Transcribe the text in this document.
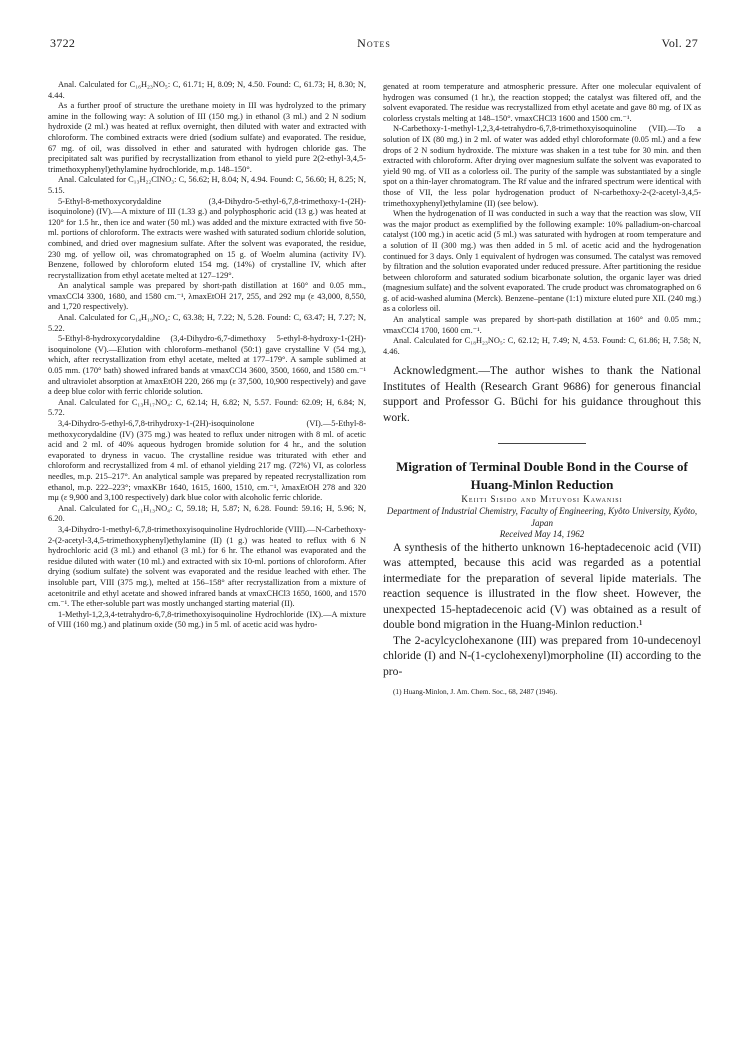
3722	Notes	Vol. 27

Anal. Calculated for C₁₆H₂₃NO₅: C, 61.71; H, 8.09; N, 4.50. Found: C, 61.73; H, 8.30; N, 4.44.

As a further proof of structure the urethane moiety in III was hydrolyzed to the primary amine in the following way: A solution of III (150 mg.) in ethanol (3 ml.) and 2 N sodium hydroxide (2 ml.) was heated at reflux overnight, then diluted with water and extracted with chloroform. The combined extracts were dried (sodium sulfate) and evaporated. The residue, 67 mg. of oil, was dissolved in ether and saturated with hydrogen chloride gas. The precipitated salt was purified by recrystallization from ethanol to yield pure 2(2-ethyl-3,4,5-trimethoxyphenyl)ethylamine hydrochloride, m.p. 148–150°.

Anal. Calculated for C₁₃H₂₂ClNO₃: C, 56.62; H, 8.04; N, 4.94. Found: C, 56.60; H, 8.25; N, 5.15.

5-Ethyl-8-methoxycorydaldine (3,4-Dihydro-5-ethyl-6,7,8-trimethoxy-1-(2H)-isoquinolone) (IV).—A mixture of III (1.33 g.) and polyphosphoric acid (13 g.) was heated at 120° for 1.5 hr., then ice and water (50 ml.) was added and the mixture extracted with five 50-ml. portions of chloroform. The extracts were washed with saturated sodium chloride solution, combined, and dried over magnesium sulfate. After the solvent was evaporated, the residue, 230 mg. of yellow oil, was chromatographed on 15 g. of Woelm alumina (activity IV). Benzene, followed by chloroform eluted 154 mg. (14%) of crystalline IV, which after recrystallization from ethyl acetate melted at 127–129°.

An analytical sample was prepared by short-path distillation at 160° and 0.05 mm., νmaxCCl4 3300, 1680, and 1580 cm.⁻¹, λmaxEtOH 217, 255, and 292 mμ (ε 43,000, 8,550, and 1,720 respectively).

Anal. Calculated for C₁₄H₁₉NO₄: C, 63.38; H, 7.22; N, 5.28. Found: C, 63.47; H, 7.27; N, 5.22.

5-Ethyl-8-hydroxycorydaldine (3,4-Dihydro-6,7-dimethoxy 5-ethyl-8-hydroxy-1-(2H)-isoquinolone (V).—Elution with chloroform–methanol (50:1) gave crystalline V (54 mg.), which, after recrystallization from ethyl acetate, melted at 177–179°. A sample sublimed at 0.05 mm. (170° bath) showed infrared bands at νmaxCCl4 3600, 3500, 1660, and 1580 cm.⁻¹ and ultraviolet absorption at λmaxEtOH 220, 266 mμ (ε 37,500, 10,900 respectively) and gave a deep blue color with ferric chloride solution.

Anal. Calculated for C₁₃H₁₇NO₄: C, 62.14; H, 6.82; N, 5.57. Found: 62.09; H, 6.84; N, 5.72.

3,4-Dihydro-5-ethyl-6,7,8-trihydroxy-1-(2H)-isoquinolone (VI).—5-Ethyl-8-methoxycorydaldine (IV) (375 mg.) was heated to reflux under nitrogen with 8 ml. of acetic acid and 2 ml. of 40% aqueous hydrogen bromide solution for 4 hr., and the solution evaporated to dryness in vacuo. The crystalline residue was triturated with ether and chloroform and recrystallized from 4 ml. of ethanol yielding 217 mg. (72%) VI, as colorless needles, m.p. 215–217°. An analytical sample was prepared by repeated recrystallization rom ethanol, m.p. 222–223°; νmaxKBr 1640, 1615, 1600, 1510, cm.⁻¹, λmaxEtOH 278 and 320 mμ (ε 9,900 and 3,100 respectively) dark blue color with alcoholic ferric chloride.

Anal. Calculated for C₁₁H₁₃NO₄: C, 59.18; H, 5.87; N, 6.28. Found: 59.16; H, 5.96; N, 6.20.

3,4-Dihydro-1-methyl-6,7,8-trimethoxyisoquinoline Hydrochloride (VIII).—N-Carbethoxy-2-(2-acetyl-3,4,5-trimethoxyphenyl)ethylamine (II) (1 g.) was heated to reflux with 6 N hydrochloric acid (3 ml.) and ethanol (3 ml.) for 6 hr. The ethanol was evaporated and the residue diluted with water (10 ml.) and extracted with six 10-ml. portions of chloroform. After drying (sodium sulfate) the solvent was evaporated and the residue leached with ether. The insoluble part, VIII (375 mg.), melted at 156–158° after recrystallization from a mixture of acetonitrile and ethyl acetate and showed infrared bands at νmaxCHCl3 1650, 1600, and 1570 cm.⁻¹. The ether-soluble part was mostly unchanged starting material (II).

1-Methyl-1,2,3,4-tetrahydro-6,7,8-trimethoxyisoquinoline Hydrochloride (IX).—A mixture of VIII (160 mg.) and platinum oxide (50 mg.) in 5 ml. of acetic acid was hydro-

genated at room temperature and atmospheric pressure. After one molecular equivalent of hydrogen was consumed (1 hr.), the reaction stopped; the catalyst was filtered off, and the solvent evaporated. The residue was recrystallized from ethyl acetate and gave 80 mg. of IX as colorless crystals melting at 148–150°. νmaxCHCl3 1600 and 1500 cm.⁻¹.

N-Carbethoxy-1-methyl-1,2,3,4-tetrahydro-6,7,8-trimethoxyisoquinoline (VII).—To a solution of IX (80 mg.) in 2 ml. of water was added ethyl chloroformate (0.05 ml.) and a few drops of 2 N sodium hydroxide. The mixture was shaken in a test tube for 30 min. and then extracted with chloroform. After drying over magnesium sulfate the solvent was evaporated to yield 90 mg. of VII as a colorless oil. The purity of the sample was substantiated by a single spot on a thin-layer chromatogram. The Rf value and the infrared spectrum were identical with those of VII, the less polar hydrogenation product of N-carbethoxy-2-(2-acetyl-3,4,5-trimethoxyphenyl)ethylamine (II) (see below).

When the hydrogenation of II was conducted in such a way that the reaction was slow, VII was the major product as exemplified by the following example: 10% palladium-on-charcoal catalyst (100 mg.) in acetic acid (5 ml.) was saturated with hydrogen at room temperature and a solution of II (300 mg.) was then added in 5 ml. of acetic acid and the hydrogenation continued for 3 days. Only 1 equivalent of hydrogen was consumed. The catalyst was removed by filtration and the solution evaporated under reduced pressure. After partitioning the residue between chloroform and saturated sodium bicarbonate solution, the organic layer was dried (magnesium sulfate) and the solvent evaporated. The crude product was chromatographed on 6 g. of acid-washed alumina (Merck). Benzene–pentane (1:1) mixture eluted pure XII. (240 mg.) as a colorless oil.

An analytical sample was prepared by short-path distillation at 160° and 0.05 mm.; νmaxCCl4 1700, 1600 cm.⁻¹.

Anal. Calculated for C₁₈H₂₃NO₅: C, 62.12; H, 7.49; N, 4.53. Found: C, 61.86; H, 7.58; N, 4.46.

Acknowledgment.—The author wishes to thank the National Institutes of Health (Research Grant 9686) for generous financial support and Professor G. Büchi for his guidance throughout this work.

Migration of Terminal Double Bond in the Course of Huang-Minlon Reduction

Keiiti Sisido and Mituyosi Kawanisi

Department of Industrial Chemistry, Faculty of Engineering, Kyôto University, Kyôto, Japan

Received May 14, 1962

A synthesis of the hitherto unknown 16-heptadecenoic acid (VII) was attempted, because this acid was regarded as a potential intermediate for the preparation of several lipide materials. The reaction sequence is illustrated in the flow sheet. However, the unexpected 15-heptadecenoic acid (V) was obtained as a result of double bond migration in the Huang-Minlon reduction.¹

The 2-acylcyclohexanone (III) was prepared from 10-undecenoyl chloride (I) and N-(1-cyclohexenyl)morpholine (II) according to the pro-

(1) Huang-Minlon, J. Am. Chem. Soc., 68, 2487 (1946).
